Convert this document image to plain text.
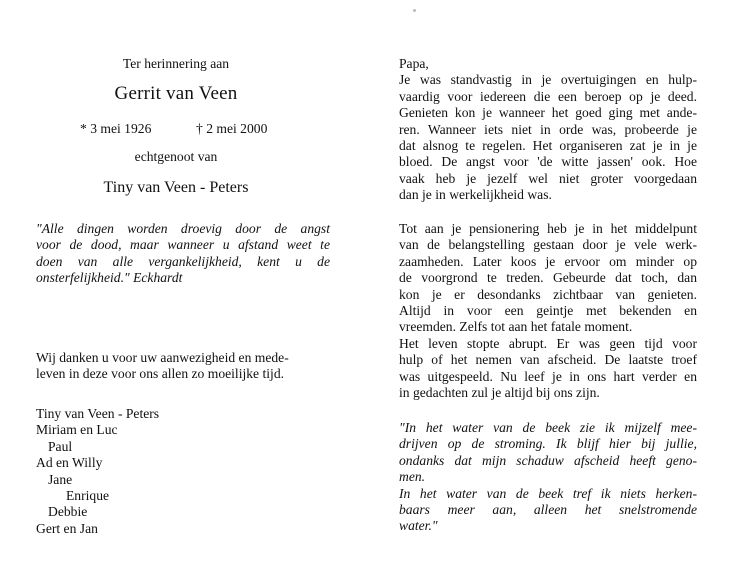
Ter herinnering aan
Gerrit van Veen
* 3 mei 1926	† 2 mei 2000
echtgenoot van
Tiny van Veen - Peters
"Alle dingen worden droevig door de angst
voor de dood, maar wanneer u afstand weet te
doen van alle vergankelijkheid, kent u de
onsterfelijkheid." Eckhardt
Wij danken u voor uw aanwezigheid en mede-
leven in deze voor ons allen zo moeilijke tijd.
Tiny van Veen - Peters
Miriam en Luc
Paul
Ad en Willy
Jane
Enrique
Debbie
Gert en Jan
Papa,
Je was standvastig in je overtuigingen en hulp-
vaardig voor iedereen die een beroep op je deed.
Genieten kon je wanneer het goed ging met ande-
ren. Wanneer iets niet in orde was, probeerde je
dat alsnog te regelen. Het organiseren zat je in je
bloed. De angst voor 'de witte jassen' ook. Hoe
vaak heb je jezelf wel niet groter voorgedaan
dan je in werkelijkheid was.
Tot aan je pensionering heb je in het middelpunt
van de belangstelling gestaan door je vele werk-
zaamheden. Later koos je ervoor om minder op
de voorgrond te treden. Gebeurde dat toch, dan
kon je er desondanks zichtbaar van genieten.
Altijd in voor een geintje met bekenden en
vreemden. Zelfs tot aan het fatale moment.
Het leven stopte abrupt. Er was geen tijd voor
hulp of het nemen van afscheid. De laatste troef
was uitgespeeld. Nu leef je in ons hart verder en
in gedachten zul je altijd bij ons zijn.
"In het water van de beek zie ik mijzelf mee-
drijven op de stroming. Ik blijf hier bij jullie,
ondanks dat mijn schaduw afscheid heeft geno-
men.
In het water van de beek tref ik niets herken-
baars meer aan, alleen het snelstromende
water."
